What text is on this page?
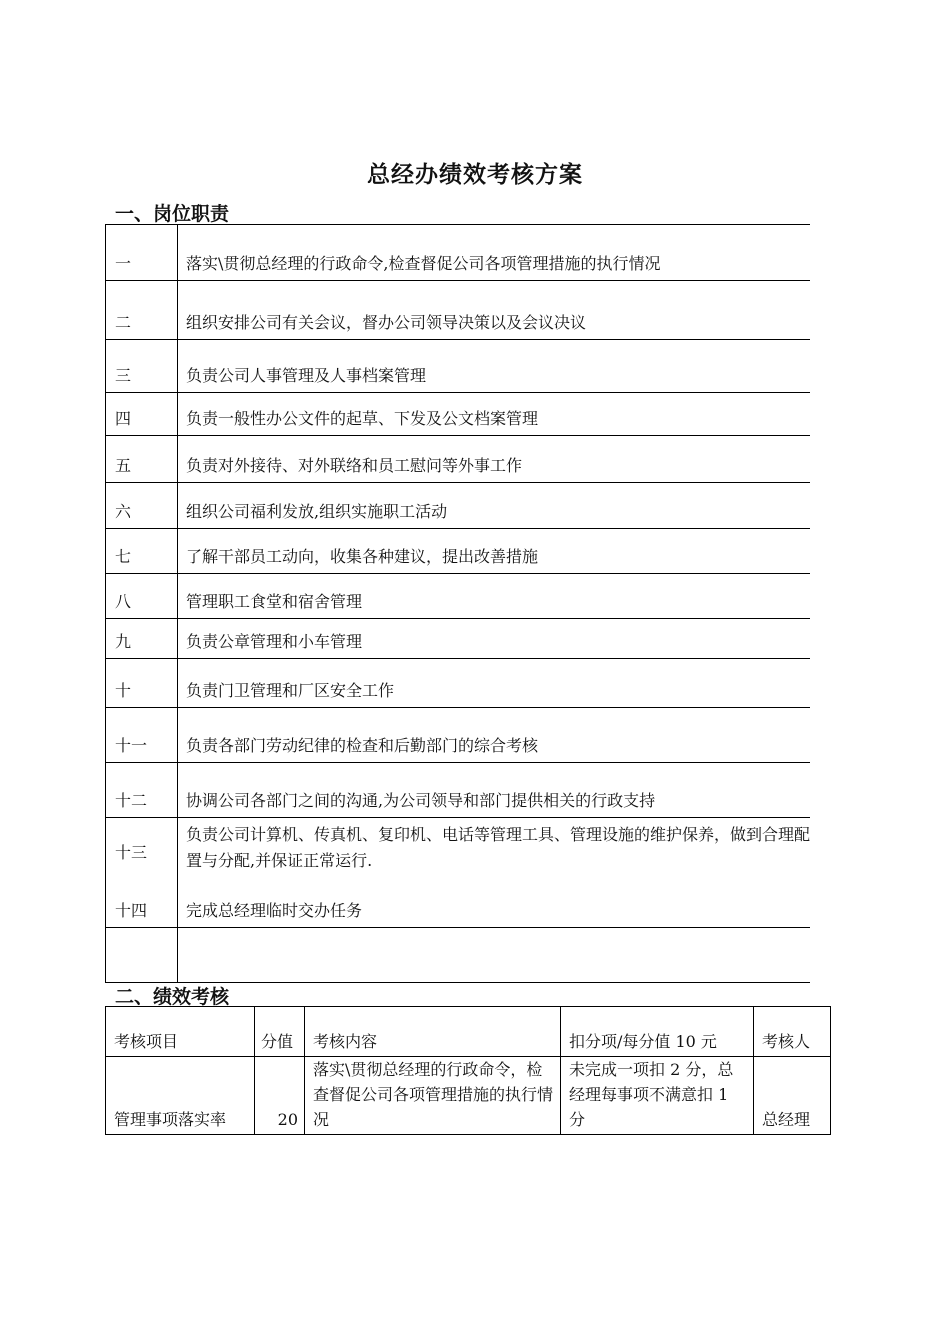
总经办绩效考核方案
一、岗位职责
一	落实\贯彻总经理的行政命令,检查督促公司各项管理措施的执行情况
二	组织安排公司有关会议，督办公司领导决策以及会议决议
三	负责公司人事管理及人事档案管理
四	负责一般性办公文件的起草、下发及公文档案管理
五	负责对外接待、对外联络和员工慰问等外事工作
六	组织公司福利发放,组织实施职工活动
七	了解干部员工动向，收集各种建议，提出改善措施
八	管理职工食堂和宿舍管理
九	负责公章管理和小车管理
十	负责门卫管理和厂区安全工作
十一	负责各部门劳动纪律的检查和后勤部门的综合考核
十二	协调公司各部门之间的沟通,为公司领导和部门提供相关的行政支持
十三	负责公司计算机、传真机、复印机、电话等管理工具、管理设施的维护保养，做到合理配置与分配,并保证正常运行.
十四	完成总经理临时交办任务

二、绩效考核
考核项目	分值	考核内容	扣分项/每分值 10 元	考核人
管理事项落实率	20	落实\贯彻总经理的行政命令，检查督促公司各项管理措施的执行情况	未完成一项扣 2 分，总经理每事项不满意扣 1 分	总经理
